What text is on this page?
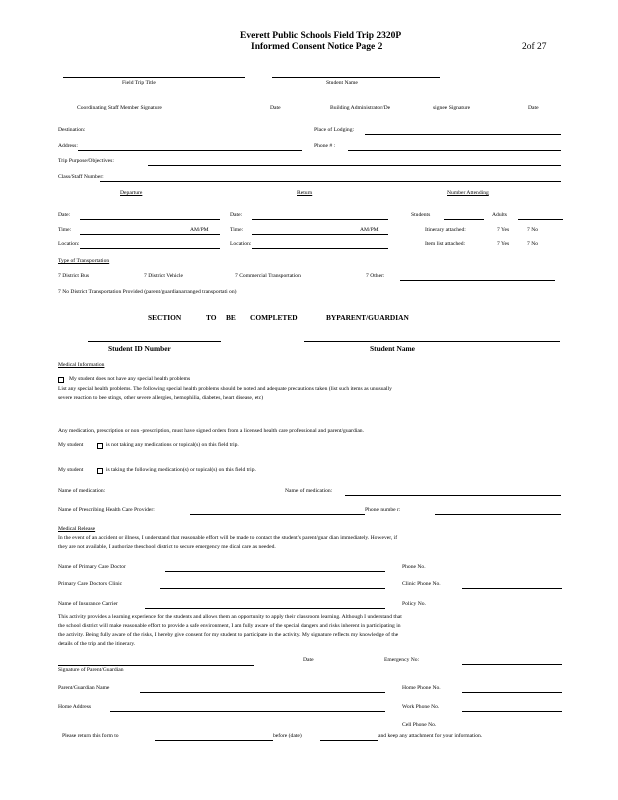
Everett Public Schools Field Trip 2320P
Informed Consent Notice Page 2	2of 27
Field Trip Title	Student Name
Coordinating Staff Member Signature	Date	Building Administrator/De	signee Signature	Date
Destination:	Place of Lodging:
Address:	Phone # :
Trip Purpose/Objectives:
Class/Staff Number:
Departure	Return	Number Attending
Date:	Date:	Students	Adults
Time:	AM/PM	Time:	AM/PM	Itinerary attached:	7 Yes	7 No
Location:	Location:	Item list attached:	7 Yes	7 No
Type of Transportation
7 District Bus	7 District Vehicle	7 Commercial Transportation	7 Other:
7 No District Transportation Provided (parent/guardianarranged transportati on)
SECTION	TO BE COMPLETED	BYPARENT/GUARDIAN
Student ID Number	Student Name
Medical Information
My student does not have any special health problems
List any special health problems. The following special health problems should be noted and adequate precautions taken (list such items as unusually
severe reaction to bee stings, other severe allergies, hemophilia, diabetes, heart disease, etc)
Any medication, prescription or non -prescription, must have signed orders from a licensed health care professional and parent/guardian.
My student	is not taking any medications or topical(s) on this field trip.
My student	is taking the following medication(s) or topical(s) on this field trip.
Name of medication:	Name of medication:
Name of Prescribing Health Care Provider:	Phone numbe r:
Medical Release
In the event of an accident or illness, I understand that reasonable effort will be made to contact the student's parent/guar dian immediately. However, if
they are not available, I authorize theschool district to secure emergency me dical care as needed.
Name of Primary Care Doctor	Phone No.
Primary Care Doctors Clinic	Clinic Phone No.
Name of Insurance Carrier	Policy No.
This activity provides a learning experience for the students and allows them an opportunity to apply their classroom learning. Although I understand that
the school district will make reasonable effort to provide a safe environment, I am fully aware of the special dangers and risks inherent in participating in
the activity. Being fully aware of the risks, I hereby give consent for my student to participate in the activity. My signature reflects my knowledge of the
details of the trip and the itinerary.
Date	Emergency No:
Signature of Parent/Guardian
Parent/Guardian Name	Home Phone No.
Home Address	Work Phone No.
Cell Phone No.
Please return this form to	before (date)	and keep any attachment for your information.
